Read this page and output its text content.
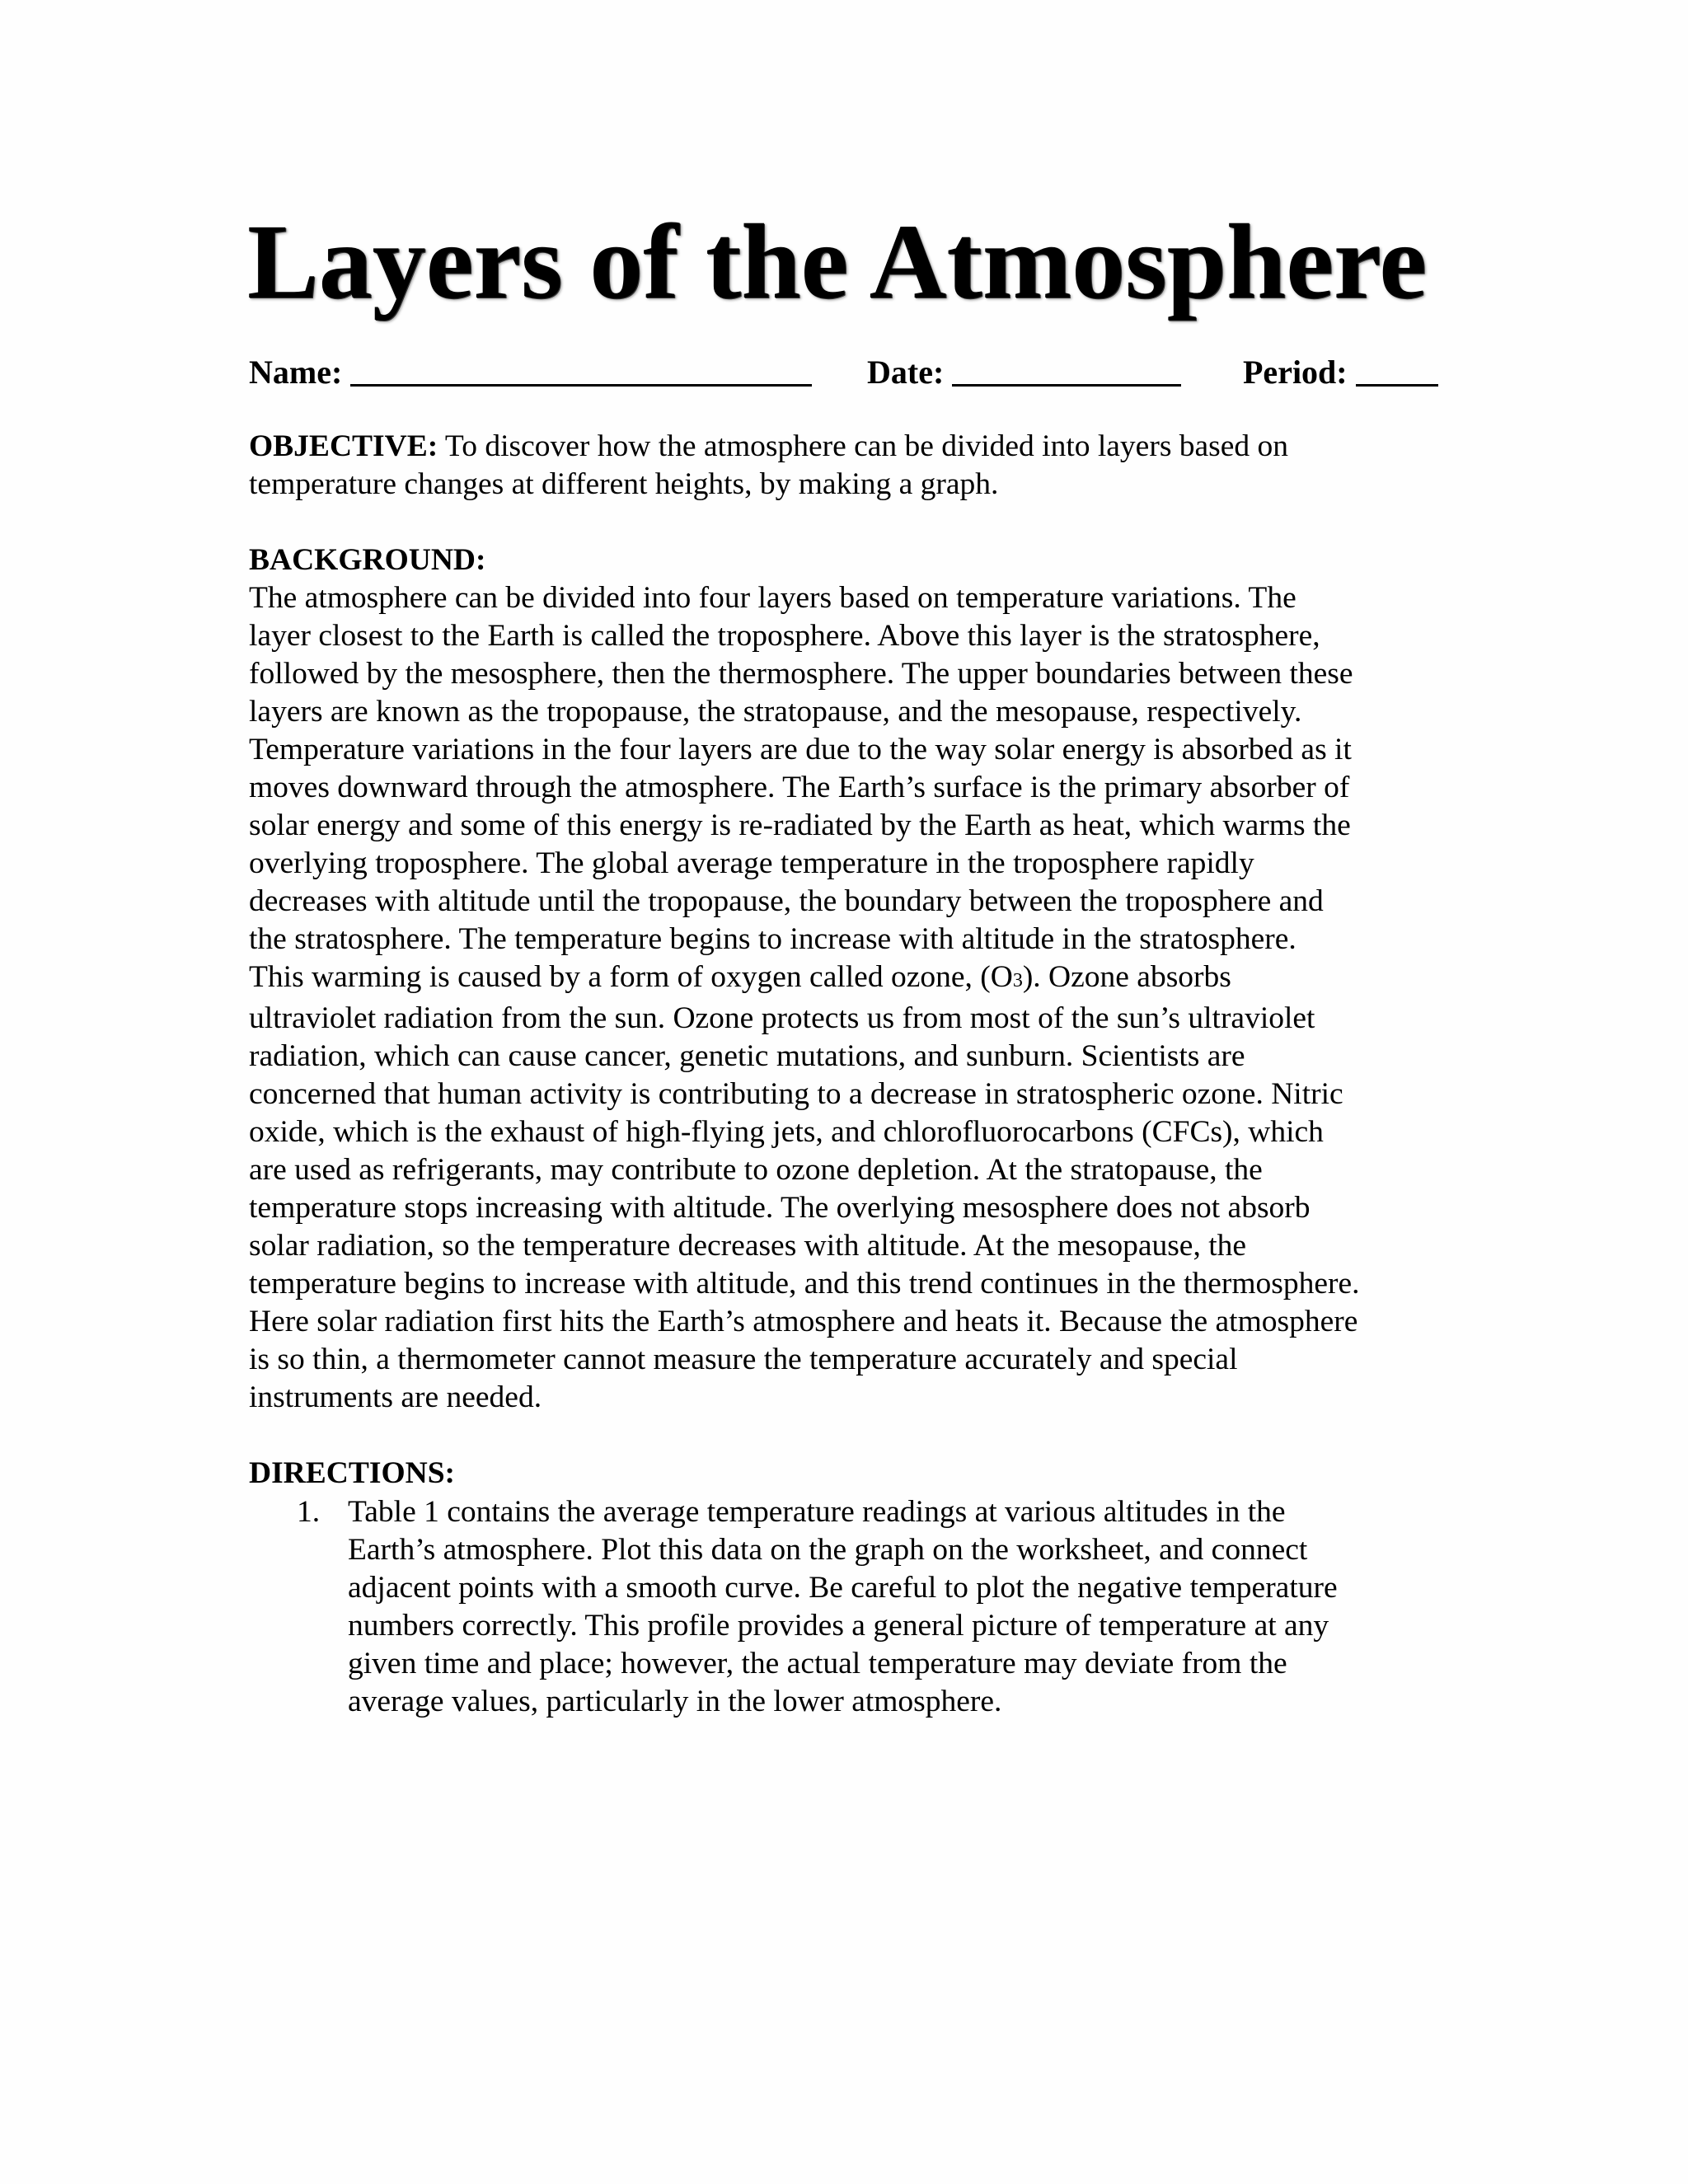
Layers of the Atmosphere
Name:	Date:	Period:
OBJECTIVE: To discover how the atmosphere can be divided into layers based on
temperature changes at different heights, by making a graph.
BACKGROUND:
The atmosphere can be divided into four layers based on temperature variations. The
layer closest to the Earth is called the troposphere. Above this layer is the stratosphere,
followed by the mesosphere, then the thermosphere. The upper boundaries between these
layers are known as the tropopause, the stratopause, and the mesopause, respectively.
Temperature variations in the four layers are due to the way solar energy is absorbed as it
moves downward through the atmosphere. The Earth’s surface is the primary absorber of
solar energy and some of this energy is re-radiated by the Earth as heat, which warms the
overlying troposphere. The global average temperature in the troposphere rapidly
decreases with altitude until the tropopause, the boundary between the troposphere and
the stratosphere. The temperature begins to increase with altitude in the stratosphere.
This warming is caused by a form of oxygen called ozone, (O3). Ozone absorbs
ultraviolet radiation from the sun. Ozone protects us from most of the sun’s ultraviolet
radiation, which can cause cancer, genetic mutations, and sunburn. Scientists are
concerned that human activity is contributing to a decrease in stratospheric ozone. Nitric
oxide, which is the exhaust of high-flying jets, and chlorofluorocarbons (CFCs), which
are used as refrigerants, may contribute to ozone depletion. At the stratopause, the
temperature stops increasing with altitude. The overlying mesosphere does not absorb
solar radiation, so the temperature decreases with altitude. At the mesopause, the
temperature begins to increase with altitude, and this trend continues in the thermosphere.
Here solar radiation first hits the Earth’s atmosphere and heats it. Because the atmosphere
is so thin, a thermometer cannot measure the temperature accurately and special
instruments are needed.
DIRECTIONS:
1. Table 1 contains the average temperature readings at various altitudes in the
Earth’s atmosphere. Plot this data on the graph on the worksheet, and connect
adjacent points with a smooth curve. Be careful to plot the negative temperature
numbers correctly. This profile provides a general picture of temperature at any
given time and place; however, the actual temperature may deviate from the
average values, particularly in the lower atmosphere.
